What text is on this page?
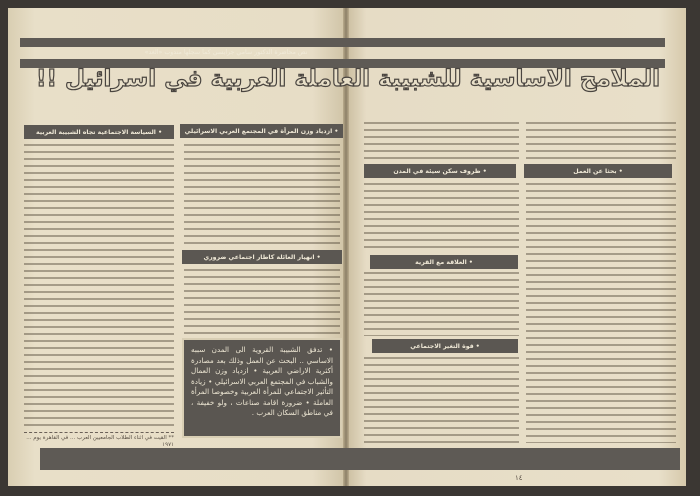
نص محاضرة الدكتور سامي جرايسي كما سجلها مندوب «الغد»
الملامح الاساسية للشبيبة العاملة العربية في اسرائيل !!
• السياسة الاجتماعية تجاه الشبيبة العربية
** القيت في اثناء الطلاب الجامعيين العرب ... في القاهرة يوم ... ١٩٧١
• ازدياد وزن المرأة في المجتمع العربي الاسرائيلي
• انهيار العائلة كاطار اجتماعي ضروري
• تدفق الشبيبة القروية الى المدن سببه الاساسي .. البحث عن العمل وذلك بعد مصادرة أكثرية الاراضي العربية • ازدياد وزن العمال والشباب في المجتمع العربي الاسرائيلي • زيادة التأثير الاجتماعي للمرأة العربية وخصوصا المرأة العاملة • ضرورة اقامة صناعات ، ولو خفيفة ، في مناطق السكان العرب .
• ظروف سكن سيئة في المدن
• العلاقة مع القرية
• قوة التغير الاجتماعي
• بحثا عن العمل
١٤
